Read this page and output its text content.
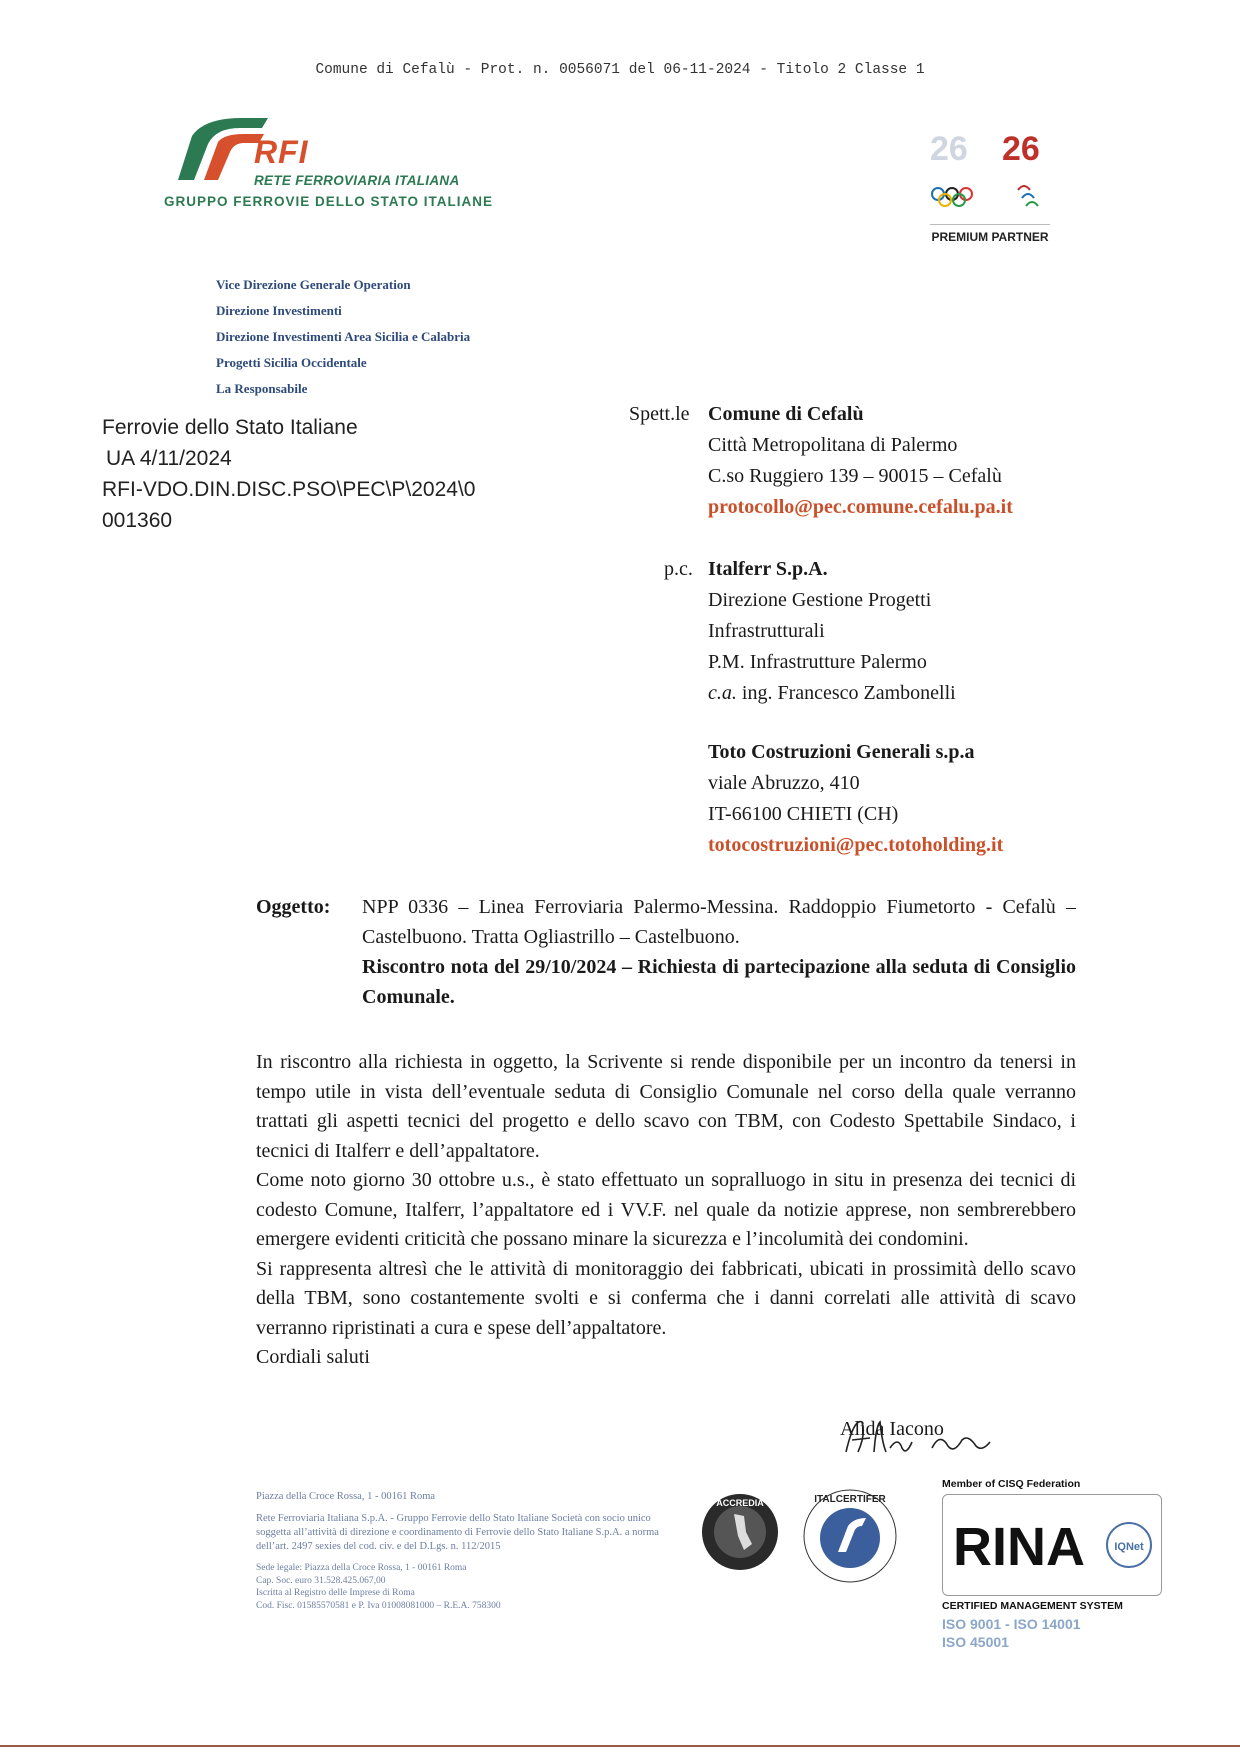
Comune di Cefalù - Prot. n. 0056071 del 06-11-2024 - Titolo 2 Classe 1
RFI
RETE FERROVIARIA ITALIANA
GRUPPO FERROVIE DELLO STATO ITALIANE
26 26
PREMIUM PARTNER
Vice Direzione Generale Operation
Direzione Investimenti
Direzione Investimenti Area Sicilia e Calabria
Progetti Sicilia Occidentale
La Responsabile
Ferrovie dello Stato Italiane
UA 4/11/2024
RFI-VDO.DIN.DISC.PSO\PEC\P\2024\0
001360
Spett.le Comune di Cefalù
Città Metropolitana di Palermo
C.so Ruggiero 139 – 90015 – Cefalù
protocollo@pec.comune.cefalu.pa.it
p.c. Italferr S.p.A.
Direzione Gestione Progetti
Infrastrutturali
P.M. Infrastrutture Palermo
c.a. ing. Francesco Zambonelli
Toto Costruzioni Generali s.p.a
viale Abruzzo, 410
IT-66100 CHIETI (CH)
totocostruzioni@pec.totoholding.it
Oggetto: NPP 0336 – Linea Ferroviaria Palermo-Messina. Raddoppio Fiumetorto - Cefalù – Castelbuono. Tratta Ogliastrillo – Castelbuono.
Riscontro nota del 29/10/2024 – Richiesta di partecipazione alla seduta di Consiglio Comunale.

In riscontro alla richiesta in oggetto, la Scrivente si rende disponibile per un incontro da tenersi in tempo utile in vista dell’eventuale seduta di Consiglio Comunale nel corso della quale verranno trattati gli aspetti tecnici del progetto e dello scavo con TBM, con Codesto Spettabile Sindaco, i tecnici di Italferr e dell’appaltatore.

Come noto giorno 30 ottobre u.s., è stato effettuato un sopralluogo in situ in presenza dei tecnici di codesto Comune, Italferr, l’appaltatore ed i VV.F. nel quale da notizie apprese, non sembrerebbero emergere evidenti criticità che possano minare la sicurezza e l’incolumità dei condomini.

Si rappresenta altresì che le attività di monitoraggio dei fabbricati, ubicati in prossimità dello scavo della TBM, sono costantemente svolti e si conferma che i danni correlati alle attività di scavo verranno ripristinati a cura e spese dell’appaltatore.

Cordiali saluti

Alida Iacono

Piazza della Croce Rossa, 1 - 00161 Roma

Rete Ferroviaria Italiana S.p.A. - Gruppo Ferrovie dello Stato Italiane Società con socio unico soggetta all’attività di direzione e coordinamento di Ferrovie dello Stato Italiane S.p.A. a norma dell’art. 2497 sexies del cod. civ. e del D.Lgs. n. 112/2015

Sede legale: Piazza della Croce Rossa, 1 - 00161 Roma
Cap. Soc. euro 31.528.425.067,00
Iscritta al Registro delle Imprese di Roma
Cod. Fisc. 01585570581 e P. Iva 01008081000 – R.E.A. 758300
ACCREDIA	ITALCERTIFER
Member of CISQ Federation
RINA	IQNet
CERTIFIED MANAGEMENT SYSTEM
ISO 9001 - ISO 14001
ISO 45001
